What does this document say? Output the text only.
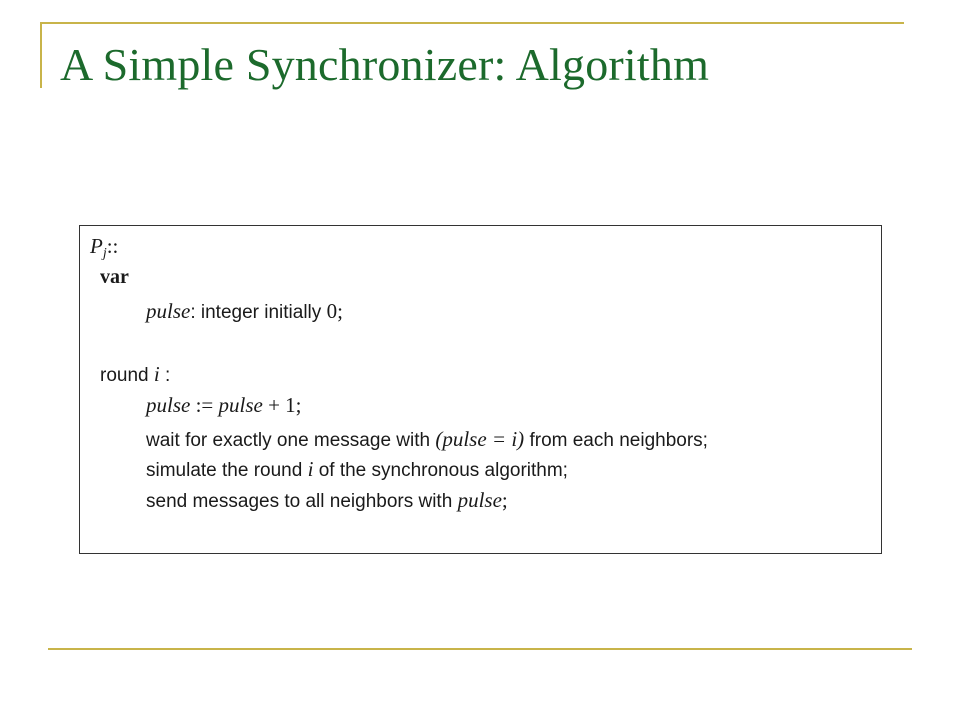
A Simple Synchronizer: Algorithm
$P_j$::
var
pulse: integer initially 0;
round i :
pulse := pulse + 1;
wait for exactly one message with (pulse = i) from each neighbors;
simulate the round i of the synchronous algorithm;
send messages to all neighbors with pulse;
